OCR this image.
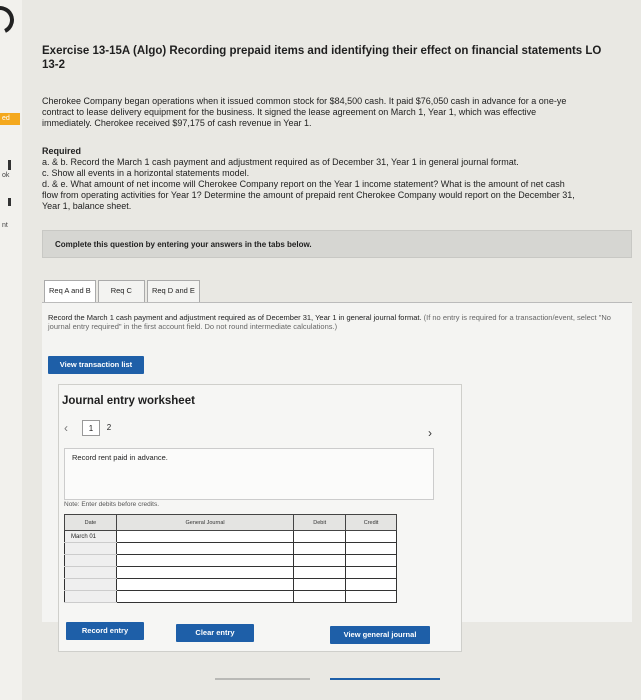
ed
ok
nt
Exercise 13-15A (Algo) Recording prepaid items and identifying their effect on financial statements LO
13-2
Cherokee Company began operations when it issued common stock for $84,500 cash. It paid $76,050 cash in advance for a one-ye
contract to lease delivery equipment for the business. It signed the lease agreement on March 1, Year 1, which was effective
immediately. Cherokee received $97,175 of cash revenue in Year 1.
Required
a. & b. Record the March 1 cash payment and adjustment required as of December 31, Year 1 in general journal format.
c. Show all events in a horizontal statements model.
d. & e. What amount of net income will Cherokee Company report on the Year 1 income statement? What is the amount of net cash
flow from operating activities for Year 1? Determine the amount of prepaid rent Cherokee Company would report on the December 31,
Year 1, balance sheet.
Complete this question by entering your answers in the tabs below.
Req A and B	Req C	Req D and E
Record the March 1 cash payment and adjustment required as of December 31, Year 1 in general journal format. (If no entry is required for a transaction/event, select "No journal entry required" in the first account field. Do not round intermediate calculations.)
View transaction list
Journal entry worksheet
‹	1	2	›
Record rent paid in advance.
Note: Enter debits before credits.
Date	General Journal	Debit	Credit
March 01			

Record entry	Clear entry	View general journal
